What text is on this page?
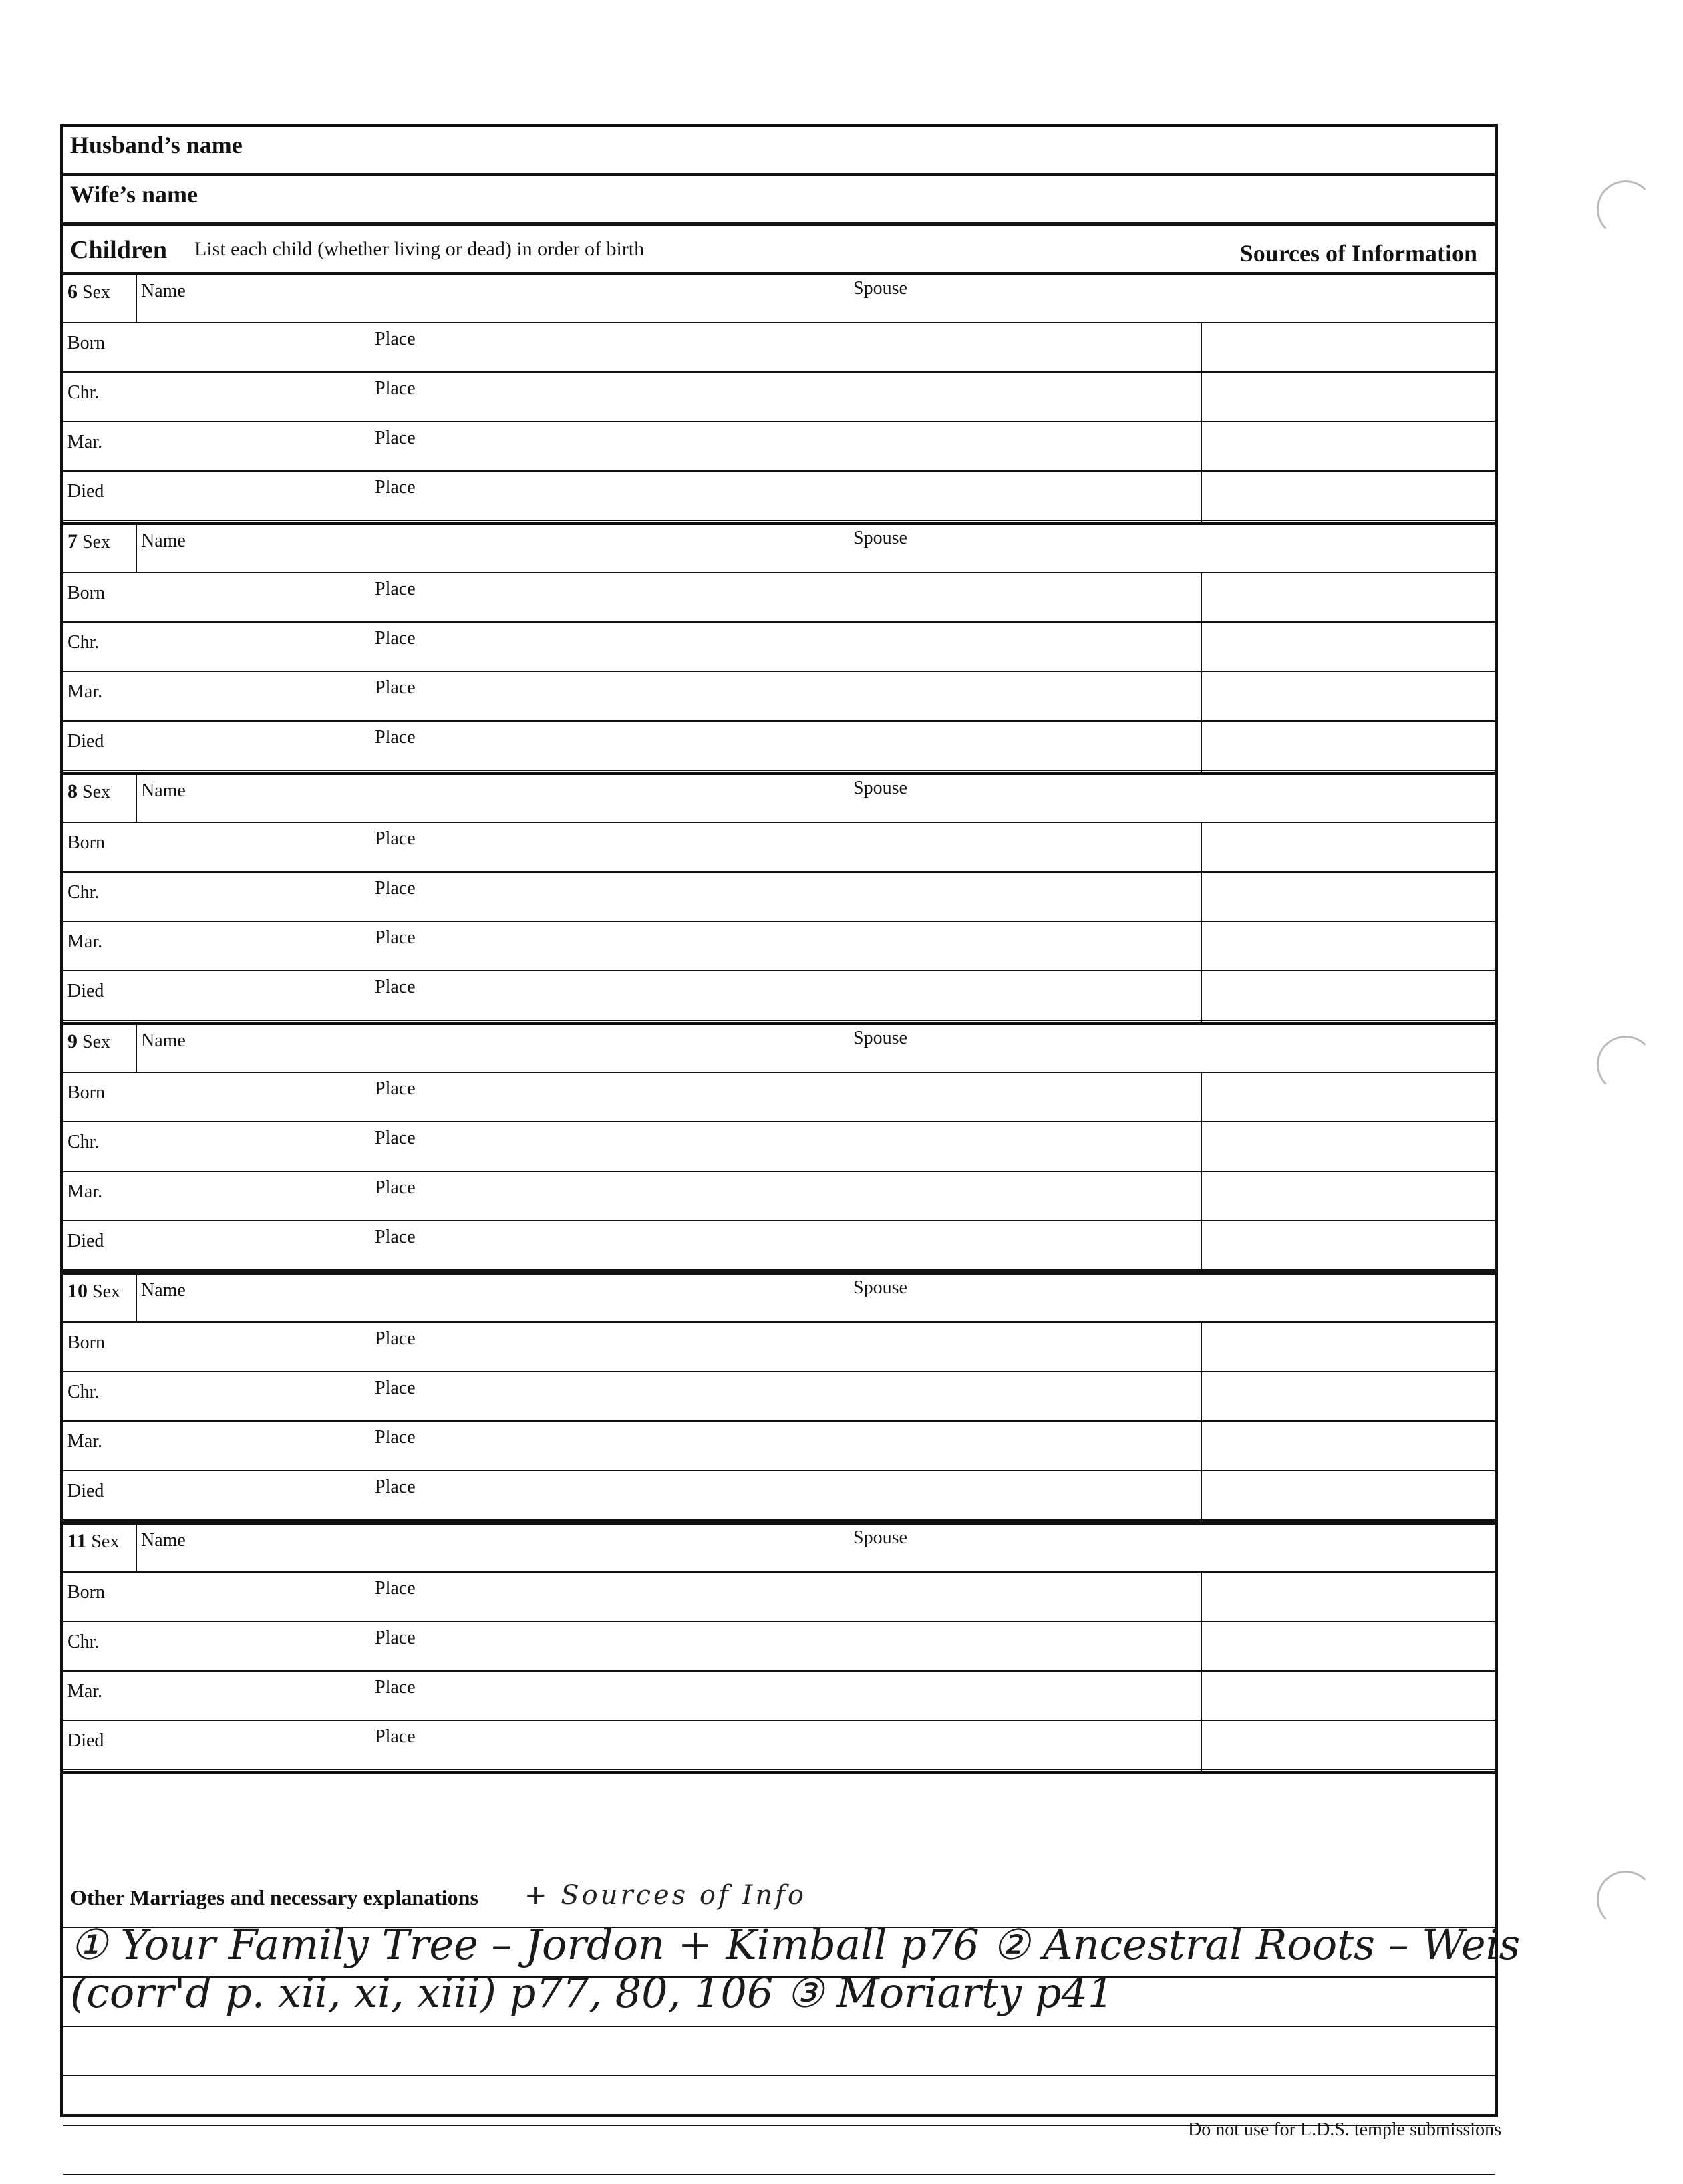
Husband’s name
Wife’s name
Children List each child (whether living or dead) in order of birth	Sources of Information
6 Sex Name	Spouse
Born	Place
Chr.	Place
Mar.	Place
Died	Place
7 Sex Name	Spouse
Born	Place
Chr.	Place
Mar.	Place
Died	Place
8 Sex Name	Spouse
Born	Place
Chr.	Place
Mar.	Place
Died	Place
9 Sex Name	Spouse
Born	Place
Chr.	Place
Mar.	Place
Died	Place
10 Sex Name	Spouse
Born	Place
Chr.	Place
Mar.	Place
Died	Place
11 Sex Name	Spouse
Born	Place
Chr.	Place
Mar.	Place
Died	Place
Other Marriages and necessary explanations + Sources of Info
① Your Family Tree – Jordon + Kimball p76 ② Ancestral Roots – Weis
(corr'd p. xii, xi, xiii) p77, 80, 106 ③ Moriarty p41
Do not use for L.D.S. temple submissions
